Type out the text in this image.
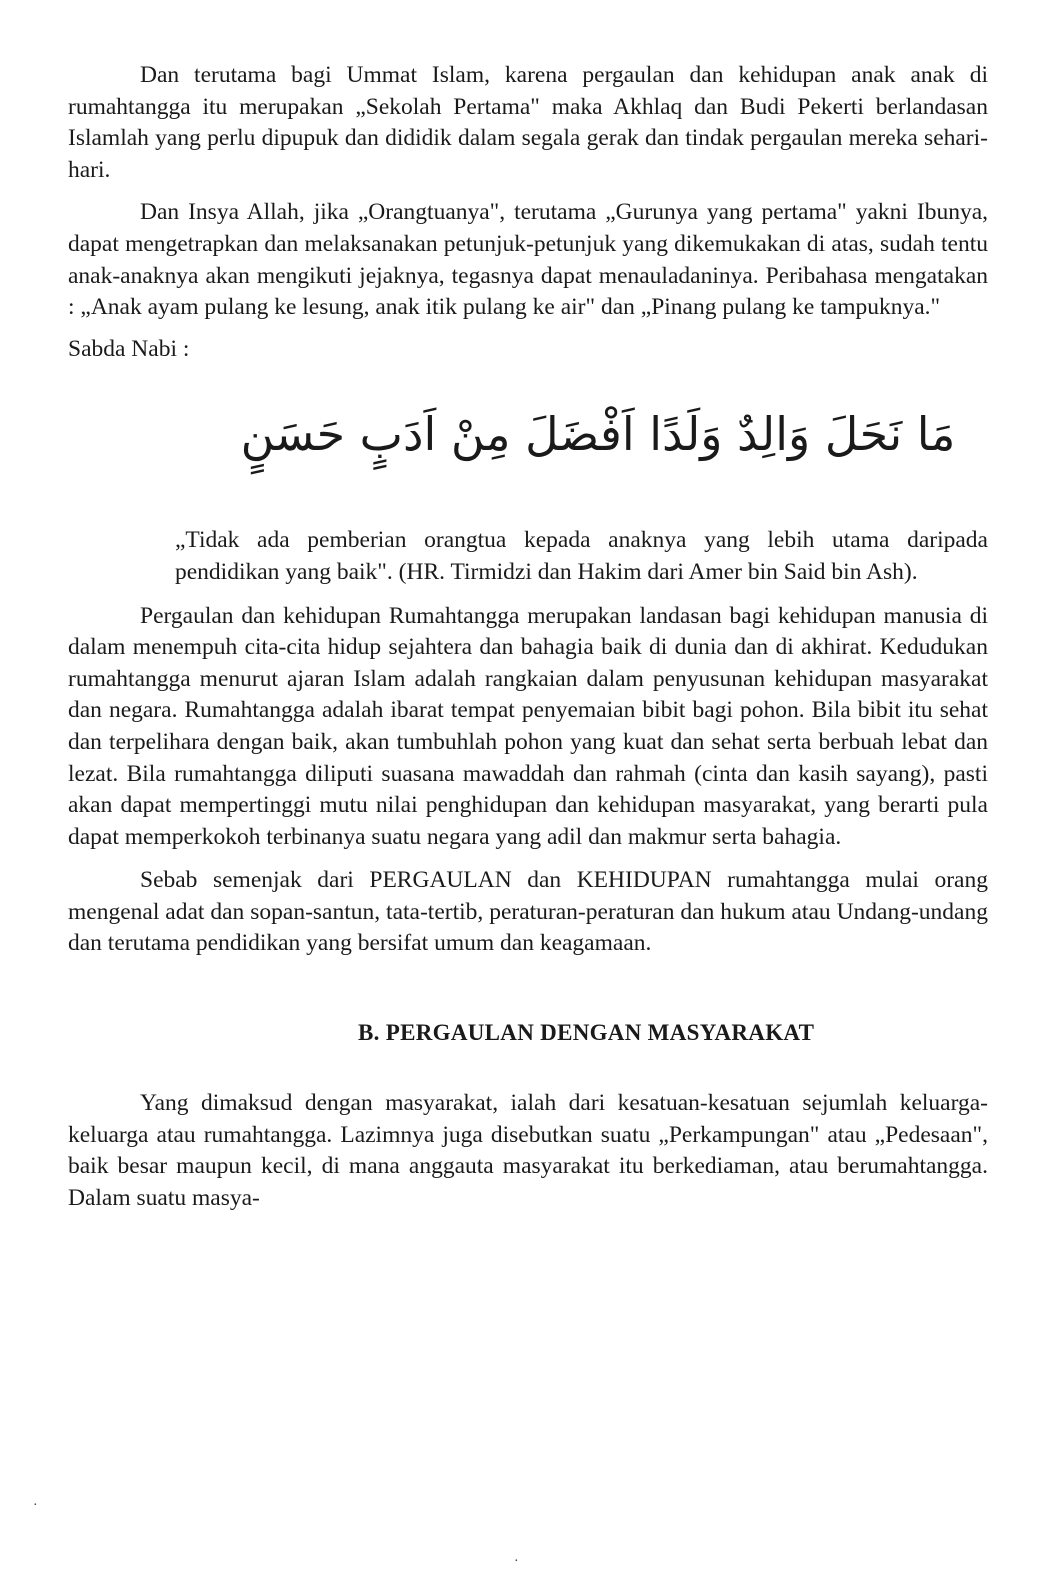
Dan terutama bagi Ummat Islam, karena pergaulan dan kehidupan anak anak di rumahtangga itu merupakan „Sekolah Pertama" maka Akhlaq dan Budi Pekerti berlandasan Islamlah yang perlu dipupuk dan dididik dalam segala gerak dan tindak pergaulan mereka sehari-hari.

Dan Insya Allah, jika „Orangtuanya", terutama „Gurunya yang pertama" yakni Ibunya, dapat mengetrapkan dan melaksanakan petunjuk-petunjuk yang dikemukakan di atas, sudah tentu anak-anaknya akan mengikuti jejaknya, tegasnya dapat menauladaninya. Peribahasa mengatakan : „Anak ayam pulang ke lesung, anak itik pulang ke air" dan „Pinang pulang ke tampuknya."

Sabda Nabi :

مَا نَحَلَ وَالِدٌ وَلَدًا اَفْضَلَ مِنْ اَدَبٍ حَسَنٍ

„Tidak ada pemberian orangtua kepada anaknya yang lebih utama daripada pendidikan yang baik". (HR. Tirmidzi dan Hakim dari Amer bin Said bin Ash).

Pergaulan dan kehidupan Rumahtangga merupakan landasan bagi kehidupan manusia di dalam menempuh cita-cita hidup sejahtera dan bahagia baik di dunia dan di akhirat. Kedudukan rumahtangga menurut ajaran Islam adalah rangkaian dalam penyusunan kehidupan masyarakat dan negara. Rumahtangga adalah ibarat tempat penyemaian bibit bagi pohon. Bila bibit itu sehat dan terpelihara dengan baik, akan tumbuhlah pohon yang kuat dan sehat serta berbuah lebat dan lezat. Bila rumahtangga diliputi suasana mawaddah dan rahmah (cinta dan kasih sayang), pasti akan dapat mempertinggi mutu nilai penghidupan dan kehidupan masyarakat, yang berarti pula dapat memperkokoh terbinanya suatu negara yang adil dan makmur serta bahagia.

Sebab semenjak dari PERGAULAN dan KEHIDUPAN rumahtangga mulai orang mengenal adat dan sopan-santun, tata-tertib, peraturan-peraturan dan hukum atau Undang-undang dan terutama pendidikan yang bersifat umum dan keagamaan.

B. PERGAULAN DENGAN MASYARAKAT

Yang dimaksud dengan masyarakat, ialah dari kesatuan-kesatuan sejumlah keluarga-keluarga atau rumahtangga. Lazimnya juga disebutkan suatu „Perkampungan" atau „Pedesaan", baik besar maupun kecil, di mana anggauta masyarakat itu berkediaman, atau berumahtangga. Dalam suatu masya-

·
·
